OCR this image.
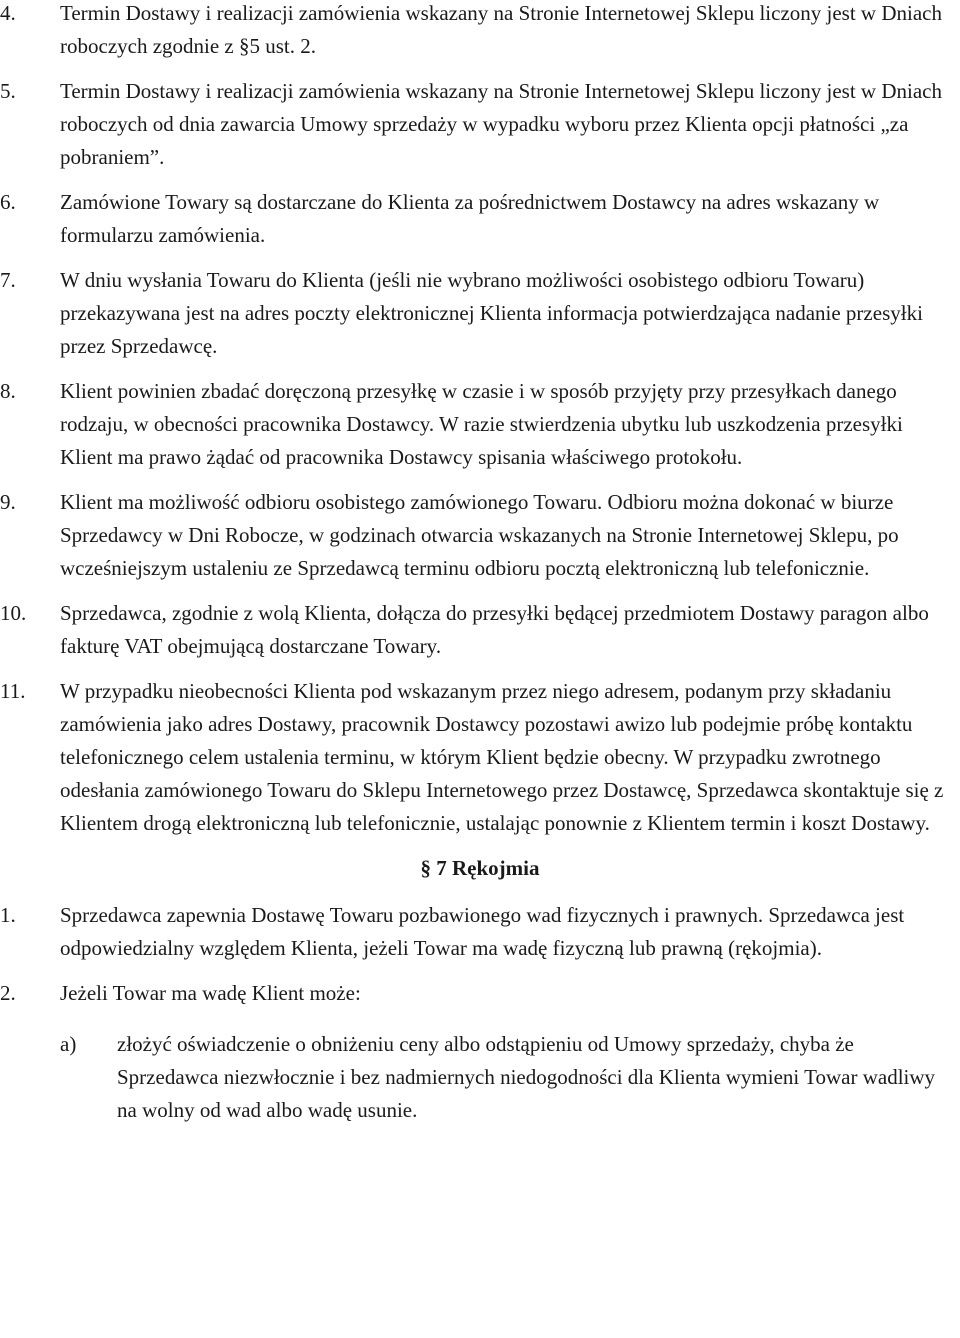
4. Termin Dostawy i realizacji zamówienia wskazany na Stronie Internetowej Sklepu liczony jest w Dniach roboczych zgodnie z §5 ust. 2.
5. Termin Dostawy i realizacji zamówienia wskazany na Stronie Internetowej Sklepu liczony jest w Dniach roboczych od dnia zawarcia Umowy sprzedaży w wypadku wyboru przez Klienta opcji płatności „za pobraniem”.
6. Zamówione Towary są dostarczane do Klienta za pośrednictwem Dostawcy na adres wskazany w formularzu zamówienia.
7. W dniu wysłania Towaru do Klienta (jeśli nie wybrano możliwości osobistego odbioru Towaru) przekazywana jest na adres poczty elektronicznej Klienta informacja potwierdzająca nadanie przesyłki przez Sprzedawcę.
8. Klient powinien zbadać doręczoną przesyłkę w czasie i w sposób przyjęty przy przesyłkach danego rodzaju, w obecności pracownika Dostawcy. W razie stwierdzenia ubytku lub uszkodzenia przesyłki Klient ma prawo żądać od pracownika Dostawcy spisania właściwego protokołu.
9. Klient ma możliwość odbioru osobistego zamówionego Towaru. Odbioru można dokonać w biurze Sprzedawcy w Dni Robocze, w godzinach otwarcia wskazanych na Stronie Internetowej Sklepu, po wcześniejszym ustaleniu ze Sprzedawcą terminu odbioru pocztą elektroniczną lub telefonicznie.
10. Sprzedawca, zgodnie z wolą Klienta, dołącza do przesyłki będącej przedmiotem Dostawy paragon albo fakturę VAT obejmującą dostarczane Towary.
11. W przypadku nieobecności Klienta pod wskazanym przez niego adresem, podanym przy składaniu zamówienia jako adres Dostawy, pracownik Dostawcy pozostawi awizo lub podejmie próbę kontaktu telefonicznego celem ustalenia terminu, w którym Klient będzie obecny. W przypadku zwrotnego odesłania zamówionego Towaru do Sklepu Internetowego przez Dostawcę, Sprzedawca skontaktuje się z Klientem drogą elektroniczną lub telefonicznie, ustalając ponownie z Klientem termin i koszt Dostawy.
§ 7 Rękojmia
1. Sprzedawca zapewnia Dostawę Towaru pozbawionego wad fizycznych i prawnych. Sprzedawca jest odpowiedzialny względem Klienta, jeżeli Towar ma wadę fizyczną lub prawną (rękojmia).
2. Jeżeli Towar ma wadę Klient może:
a) złożyć oświadczenie o obniżeniu ceny albo odstąpieniu od Umowy sprzedaży, chyba że Sprzedawca niezwłocznie i bez nadmiernych niedogodności dla Klienta wymieni Towar wadliwy na wolny od wad albo wadę usunie.
